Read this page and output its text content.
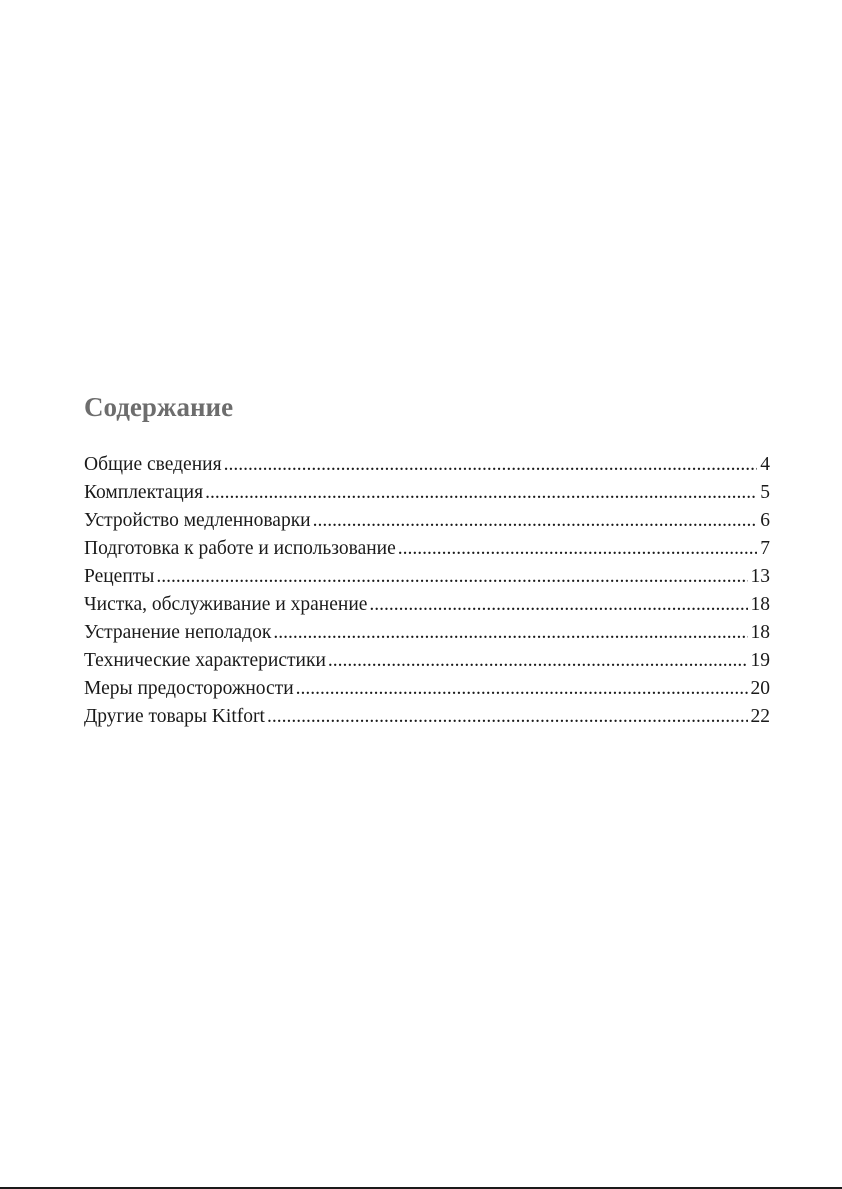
Содержание
Общие сведения .....	4
Комплектация .....	5
Устройство медленноварки .....	6
Подготовка к работе и использование .....	7
Рецепты .....	13
Чистка, обслуживание и хранение .....	18
Устранение неполадок .....	18
Технические характеристики .....	19
Меры предосторожности .....	20
Другие товары Kitfort .....	22
